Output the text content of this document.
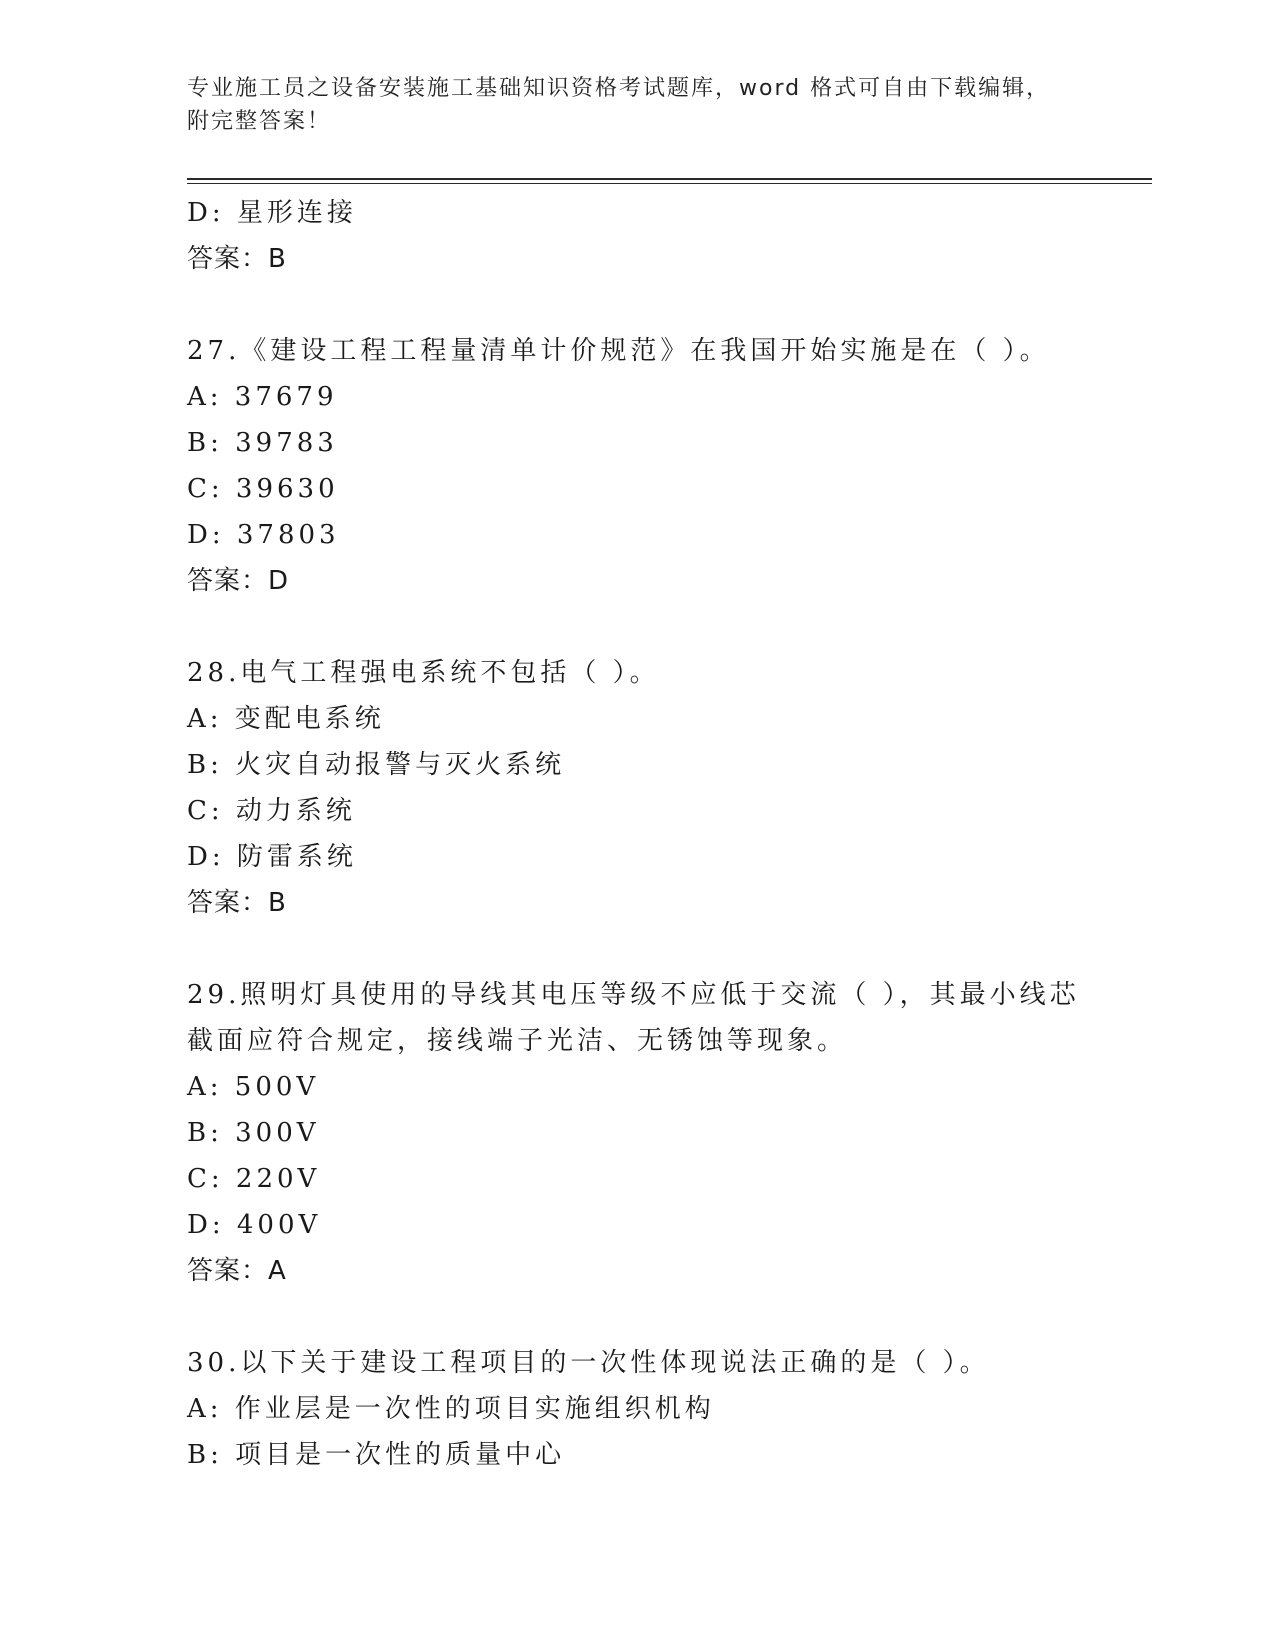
专业施工员之设备安装施工基础知识资格考试题库，word 格式可自由下载编辑，
附完整答案！
D: 星形连接
答案：B
27.《建设工程工程量清单计价规范》在我国开始实施是在（ ）。
A: 37679
B: 39783
C: 39630
D: 37803
答案：D
28.电气工程强电系统不包括（ ）。
A: 变配电系统
B: 火灾自动报警与灭火系统
C: 动力系统
D: 防雷系统
答案：B
29.照明灯具使用的导线其电压等级不应低于交流（ ），其最小线芯
截面应符合规定，接线端子光洁、无锈蚀等现象。
A: 500V
B: 300V
C: 220V
D: 400V
答案：A
30.以下关于建设工程项目的一次性体现说法正确的是（ ）。
A: 作业层是一次性的项目实施组织机构
B: 项目是一次性的质量中心
